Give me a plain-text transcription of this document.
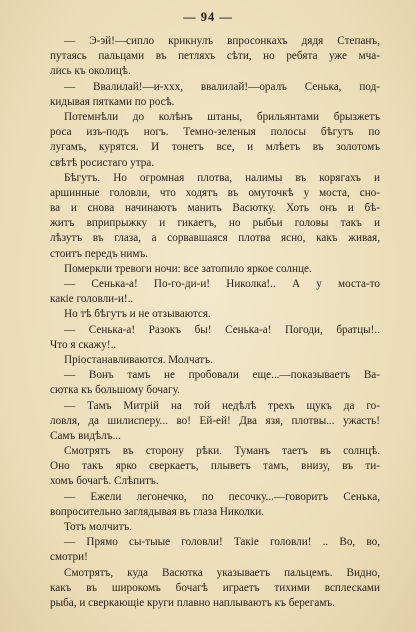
— 94 —
— Э-эй!—сипло крикнулъ впросонкахъ дядя Степанъ,
путаясь пальцами въ петляхъ сѣти, но ребята уже мча-
лись къ околицѣ.
— Ввалилай!—и-ххх, ввалилай!—оралъ Сенька, под-
кидывая пятками по росѣ.
Потемнѣли до колѣнъ штаны, брильянтами брызжетъ
роса изъ-подъ ногъ. Темно-зеленыя полосы бѣгутъ по
лугамъ, курятся. И тонетъ все, и млѣетъ въ золотомъ
свѣтѣ росистаго утра.
Бѣгутъ. Но огромная плотва, налимы въ корягахъ и
аршинные головли, что ходятъ въ омуточкѣ у моста, сно-
ва и снова начинаютъ манить Васютку. Хоть онъ и бѣ-
житъ вприпрыжку и гикаетъ, но рыбьи головы такъ и
лѣзутъ въ глаза, а сорвавшаяся плотва ясно, какъ живая,
стоитъ передъ нимъ.
Померкли тревоги ночи: все затопило яркое солнце.
— Сенька-а! По-го-ди-и! Николка!.. А у моста-то
какіе головли-и!..
Но тѣ бѣгутъ и не отзываются.
— Сенька-а! Разокъ бы! Сенька-а! Погоди, братцы!..
Что я скажу!..
Пріостанавливаются. Молчатъ.
— Вонъ тамъ не пробовали еще...—показываетъ Ва-
сютка къ большому бочагу.
— Тамъ Митрій на той недѣлѣ трехъ щукъ да го-
ловля, да шилисперу... во! Ей-ей! Два язя, плотвы... ужасть!
Самъ видѣлъ...
Смотрятъ въ сторону рѣки. Туманъ таетъ въ солнцѣ.
Оно такъ ярко сверкаетъ, плыветъ тамъ, внизу, въ ти-
хомъ бочагѣ. Слѣпитъ.
— Ежели легонечко, по песочку...—говоритъ Сенька,
вопросительно заглядывая въ глаза Николки.
Тотъ молчитъ.
— Прямо сы-тыые головли! Такіе головли! .. Во, во,
смотри!
Смотрятъ, куда Васютка указываетъ пальцемъ. Видно,
какъ въ широкомъ бочагѣ играетъ тихими всплесками
рыба, и сверкающіе круги плавно наплываютъ къ берегамъ.
